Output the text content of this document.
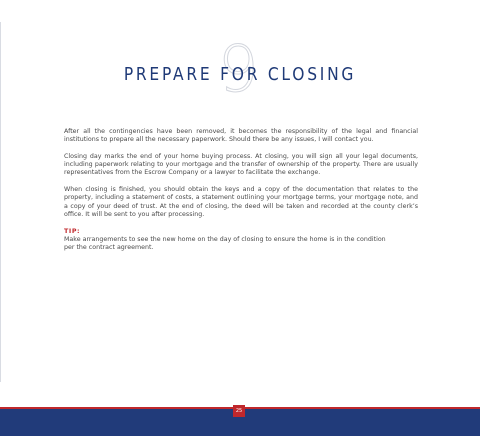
9
PREPARE FOR CLOSING

After all the contingencies have been removed, it becomes the responsibility of the legal and financial institutions to prepare all the necessary paperwork. Should there be any issues, I will contact you.

Closing day marks the end of your home buying process. At closing, you will sign all your legal documents, including paperwork relating to your mortgage and the transfer of ownership of the property. There are usually representatives from the Escrow Company or a lawyer to facilitate the exchange.

When closing is finished, you should obtain the keys and a copy of the documentation that relates to the property, including a statement of costs, a statement outlining your mortgage terms, your mortgage note, and a copy of your deed of trust. At the end of closing, the deed will be taken and recorded at the county clerk’s office. It will be sent to you after processing.

TIP:
Make arrangements to see the new home on the day of closing to ensure the home is in the condition
per the contract agreement.
25
